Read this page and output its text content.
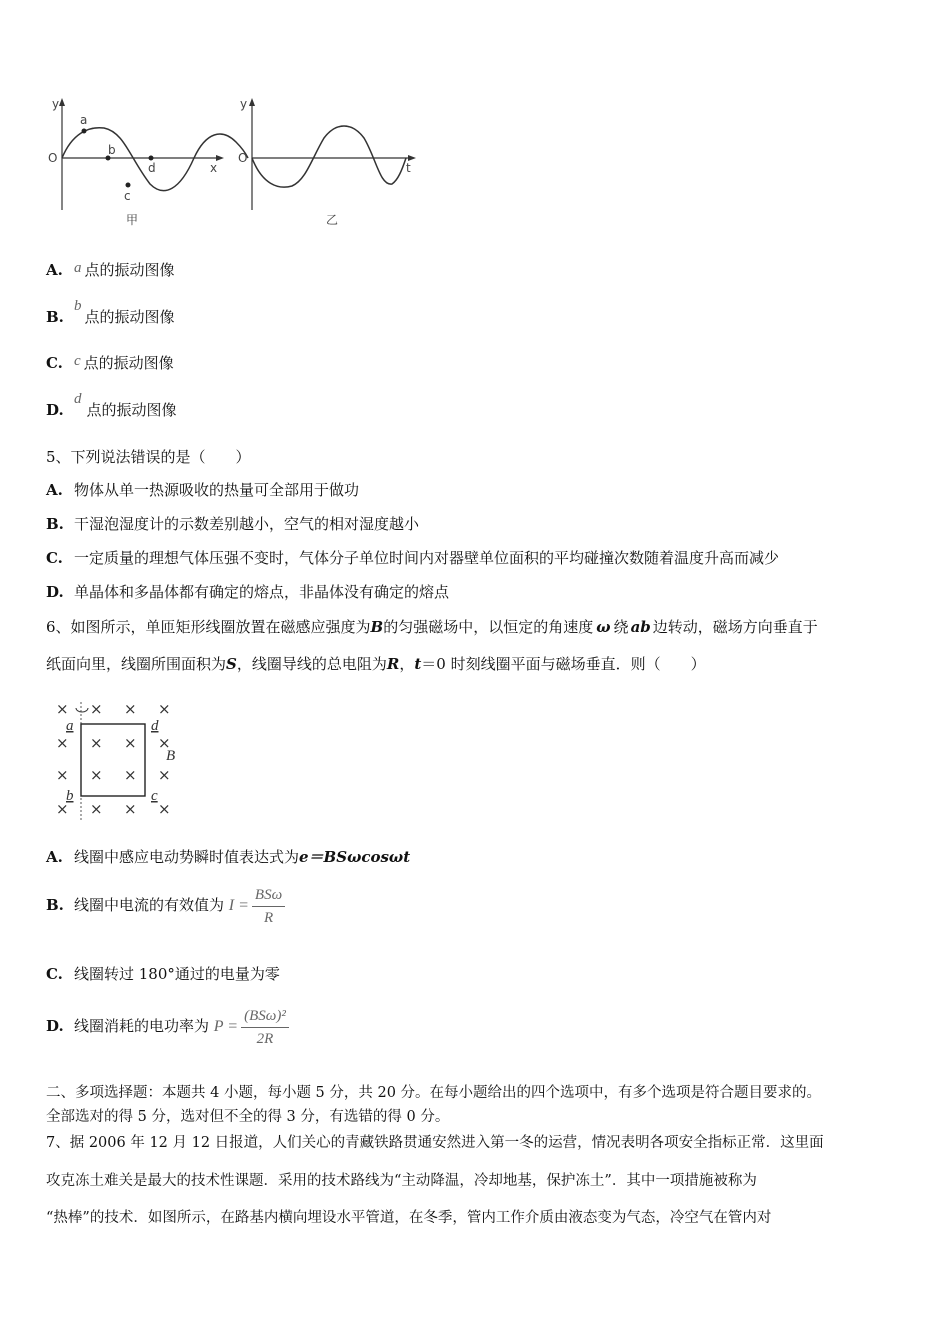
y
x
O
a
b
c
d
甲
y
t
O
乙
A. a 点的振动图像
B.b点的振动图像
C. c 点的振动图像
D.d点的振动图像
5、下列说法错误的是（　　）
A. 物体从单一热源吸收的热量可全部用于做功
B. 干湿泡湿度计的示数差别越小，空气的相对湿度越小
C. 一定质量的理想气体压强不变时，气体分子单位时间内对器壁单位面积的平均碰撞次数随着温度升高而减少
D. 单晶体和多晶体都有确定的熔点，非晶体没有确定的熔点
6、如图所示，单匝矩形线圈放置在磁感应强度为B的匀强磁场中，以恒定的角速度 ω 绕 ab 边转动，磁场方向垂直于
纸面向里，线圈所围面积为S，线圈导线的总电阻为R，t＝0 时刻线圈平面与磁场垂直．则（　　）
× × × ×
× × × ×
× × × ×
× × × ×
a
b	c
d
B
A. 线圈中感应电动势瞬时值表达式为e＝BSωcosωt
B. 线圈中电流的有效值为 $I = \frac{\text{BSω}}{R}$
C. 线圈转过 180°通过的电量为零
D. 线圈消耗的电功率为 $P = \frac{\text{(BSω)²}}{2R}$
二、多项选择题：本题共 4 小题，每小题 5 分，共 20 分。在每小题给出的四个选项中，有多个选项是符合题目要求的。
全部选对的得 5 分，选对但不全的得 3 分，有选错的得 0 分。
7、据 2006 年 12 月 12 日报道，人们关心的青藏铁路贯通安然进入第一冬的运营，情况表明各项安全指标正常．这里面
攻克冻土难关是最大的技术性课题．采用的技术路线为“主动降温，冷却地基，保护冻土”．其中一项措施被称为
“热棒”的技术．如图所示，在路基内横向埋设水平管道，在冬季，管内工作介质由液态变为气态，冷空气在管内对
